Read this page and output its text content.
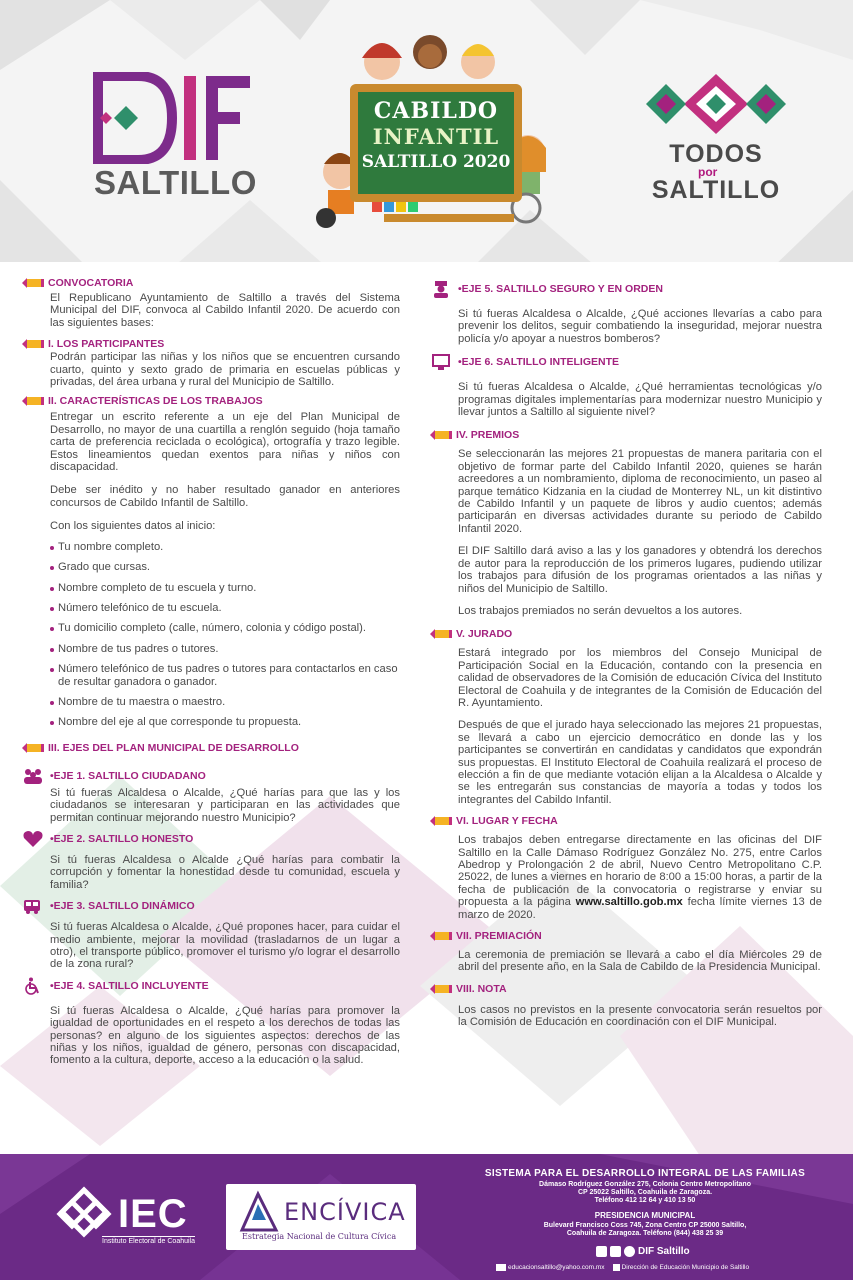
SALTILLO
CABILDO
INFANTIL
SALTILLO 2020	TODOS
por
SALTILLO
CONVOCATORIA
El Republicano Ayuntamiento de Saltillo a través del Sistema Municipal del DIF, convoca al Cabildo Infantil 2020. De acuerdo con las siguientes bases:
I. LOS PARTICIPANTES
Podrán participar las niñas y los niños que se encuentren cursando cuarto, quinto y sexto grado de primaria en escuelas públicas y privadas, del área urbana y rural del Municipio de Saltillo.
II. CARACTERÍSTICAS DE LOS TRABAJOS
Entregar un escrito referente a un eje del Plan Municipal de Desarrollo, no mayor de una cuartilla a renglón seguido (hoja tamaño carta de preferencia reciclada o ecológica), ortografía y trazo legible. Estos lineamientos quedan exentos para niñas y niños con discapacidad.
Debe ser inédito y no haber resultado ganador en anteriores concursos de Cabildo Infantil de Saltillo.
Con los siguientes datos al inicio:
Tu nombre completo.
Grado que cursas.
Nombre completo de tu escuela y turno.
Número telefónico de tu escuela.
Tu domicilio completo (calle, número, colonia y código postal).
Nombre de tus padres o tutores.
Número telefónico de tus padres o tutores para contactarlos en caso de resultar ganadora o ganador.
Nombre de tu maestra o maestro.
Nombre del eje al que corresponde tu propuesta.
III. EJES DEL PLAN MUNICIPAL DE DESARROLLO
•EJE 1. SALTILLO CIUDADANO
Si tú fueras Alcaldesa o Alcalde, ¿Qué harías para que las y los ciudadanos se interesaran y participaran en las actividades que permitan continuar mejorando nuestro Municipio?
•EJE 2. SALTILLO HONESTO
Si tú fueras Alcaldesa o Alcalde ¿Qué harías para combatir la corrupción y fomentar la honestidad desde tu comunidad, escuela y familia?
•EJE 3. SALTILLO DINÁMICO
Si tú fueras Alcaldesa o Alcalde, ¿Qué propones hacer, para cuidar el medio ambiente, mejorar la movilidad (trasladarnos de un lugar a otro), el transporte público, promover el turismo y/o lograr el desarrollo de la zona rural?
•EJE 4. SALTILLO INCLUYENTE
Si tú fueras Alcaldesa o Alcalde, ¿Qué harías para promover la igualdad de oportunidades en el respeto a los derechos de todas las personas? en alguno de los siguientes aspectos: derechos de las niñas y los niños, igualdad de género, personas con discapacidad, fomento a la cultura, deporte, acceso a la educación o la salud.
•EJE 5. SALTILLO SEGURO Y EN ORDEN
Si tú fueras Alcaldesa o Alcalde, ¿Qué acciones llevarías a cabo para prevenir los delitos, seguir combatiendo la inseguridad, mejorar nuestra policía y/o apoyar a nuestros bomberos?
•EJE 6. SALTILLO INTELIGENTE
Si tú fueras Alcaldesa o Alcalde, ¿Qué herramientas tecnológicas y/o programas digitales implementarías para modernizar nuestro Municipio y llevar juntos a Saltillo al siguiente nivel?
IV. PREMIOS
Se seleccionarán las mejores 21 propuestas de manera paritaria con el objetivo de formar parte del Cabildo Infantil 2020, quienes se harán acreedores a un nombramiento, diploma de reconocimiento, un paseo al parque temático Kidzania en la ciudad de Monterrey NL, un kit distintivo de Cabildo Infantil y un paquete de libros y audio cuentos; además participarán en diversas actividades durante su periodo de Cabildo Infantil 2020.
El DIF Saltillo dará aviso a las y los ganadores y obtendrá los derechos de autor para la reproducción de los primeros lugares, pudiendo utilizar los trabajos para difusión de los programas orientados a las niñas y niños del Municipio de Saltillo.
Los trabajos premiados no serán devueltos a los autores.
V. JURADO
Estará integrado por los miembros del Consejo Municipal de Participación Social en la Educación, contando con la presencia en calidad de observadores de la Comisión de educación Cívica del Instituto Electoral de Coahuila y de integrantes de la Comisión de Educación del R. Ayuntamiento.
Después de que el jurado haya seleccionado las mejores 21 propuestas, se llevará a cabo un ejercicio democrático en donde las y los participantes se convertirán en candidatas y candidatos que expondrán sus propuestas. El Instituto Electoral de Coahuila realizará el proceso de elección a fin de que mediante votación elijan a la Alcaldesa o Alcalde y se les entregarán sus constancias de mayoría a todas y todos los integrantes del Cabildo Infantil.
VI. LUGAR Y FECHA
Los trabajos deben entregarse directamente en las oficinas del DIF Saltillo en la Calle Dámaso Rodríguez González No. 275, entre Carlos Abedrop y Prolongación 2 de abril, Nuevo Centro Metropolitano C.P. 25022, de lunes a viernes en horario de 8:00 a 15:00 horas, a partir de la fecha de publicación de la convocatoria o registrarse y enviar su propuesta a la página www.saltillo.gob.mx fecha límite viernes 13 de marzo de 2020.
VII. PREMIACIÓN
La ceremonia de premiación se llevará a cabo el día Miércoles 29 de abril del presente año, en la Sala de Cabildo de la Presidencia Municipal.
VIII. NOTA
Los casos no previstos en la presente convocatoria serán resueltos por la Comisión de Educación en coordinación con el DIF Municipal.
IEC
Instituto Electoral de Coahuila
ENCÍVICA
Estrategia Nacional de Cultura Cívica
SISTEMA PARA EL DESARROLLO INTEGRAL DE LAS FAMILIAS
Dámaso Rodríguez González 275, Colonia Centro Metropolitano
CP 25022 Saltillo, Coahuila de Zaragoza.
Teléfono 412 12 64 y 410 13 50
PRESIDENCIA MUNICIPAL
Bulevard Francisco Coss 745, Zona Centro CP 25000 Saltillo,
Coahuila de Zaragoza. Teléfono (844) 438 25 39
DIF Saltillo
educacionsaltillo@yahoo.com.mx	Dirección de Educación Municipio de Saltillo
